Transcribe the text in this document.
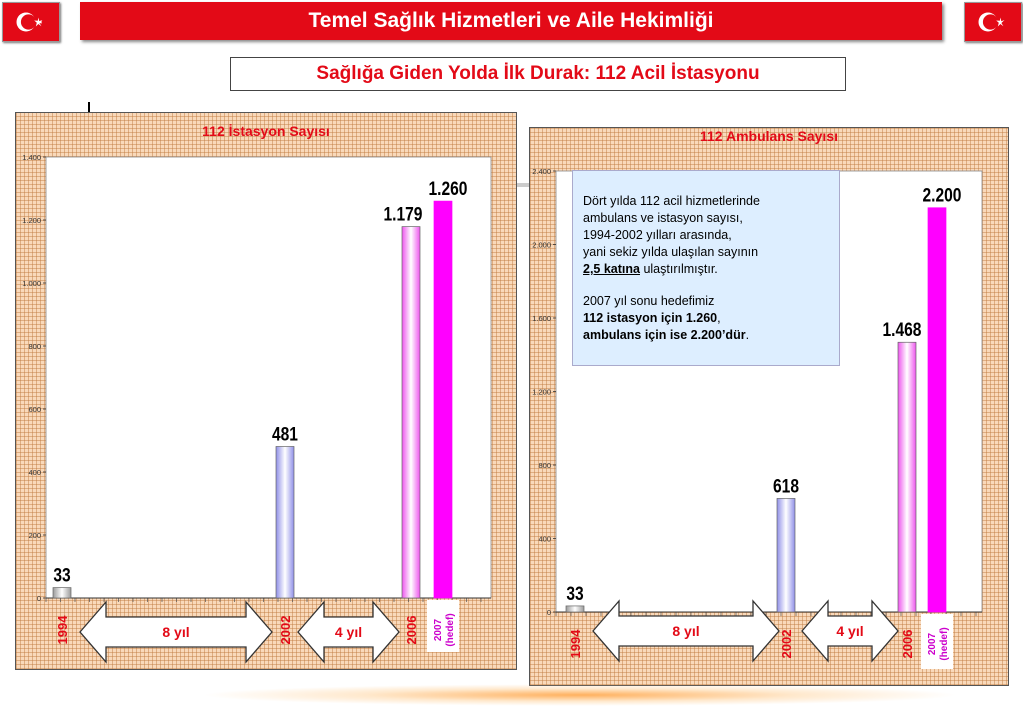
Temel Sağlık Hizmetleri ve Aile Hekimliği
Sağlığa Giden Yolda İlk Durak: 112 Acil İstasyonu
112 İstasyon Sayısı
0
200
400
600
800
1.000
1.200
1.400
33
481
1.179
1.260
1994	2002	2006 2007 (hedef)
8 yıl	4 yıl
112 Ambulans Sayısı
0
400
800
1.200
1.600
2.000
2.400
33
618
1.468
2.200
1994	2002	2006 2007 (hedef)
8 yıl	4 yıl

Dört yılda 112 acil hizmetlerinde

ambulans ve istasyon sayısı,

1994-2002 yılları arasında,

yani sekiz yılda ulaşılan sayının

2,5 katına ulaştırılmıştır.

2007 yıl sonu hedefimiz

112 istasyon için 1.260,

ambulans için ise 2.200’dür.
